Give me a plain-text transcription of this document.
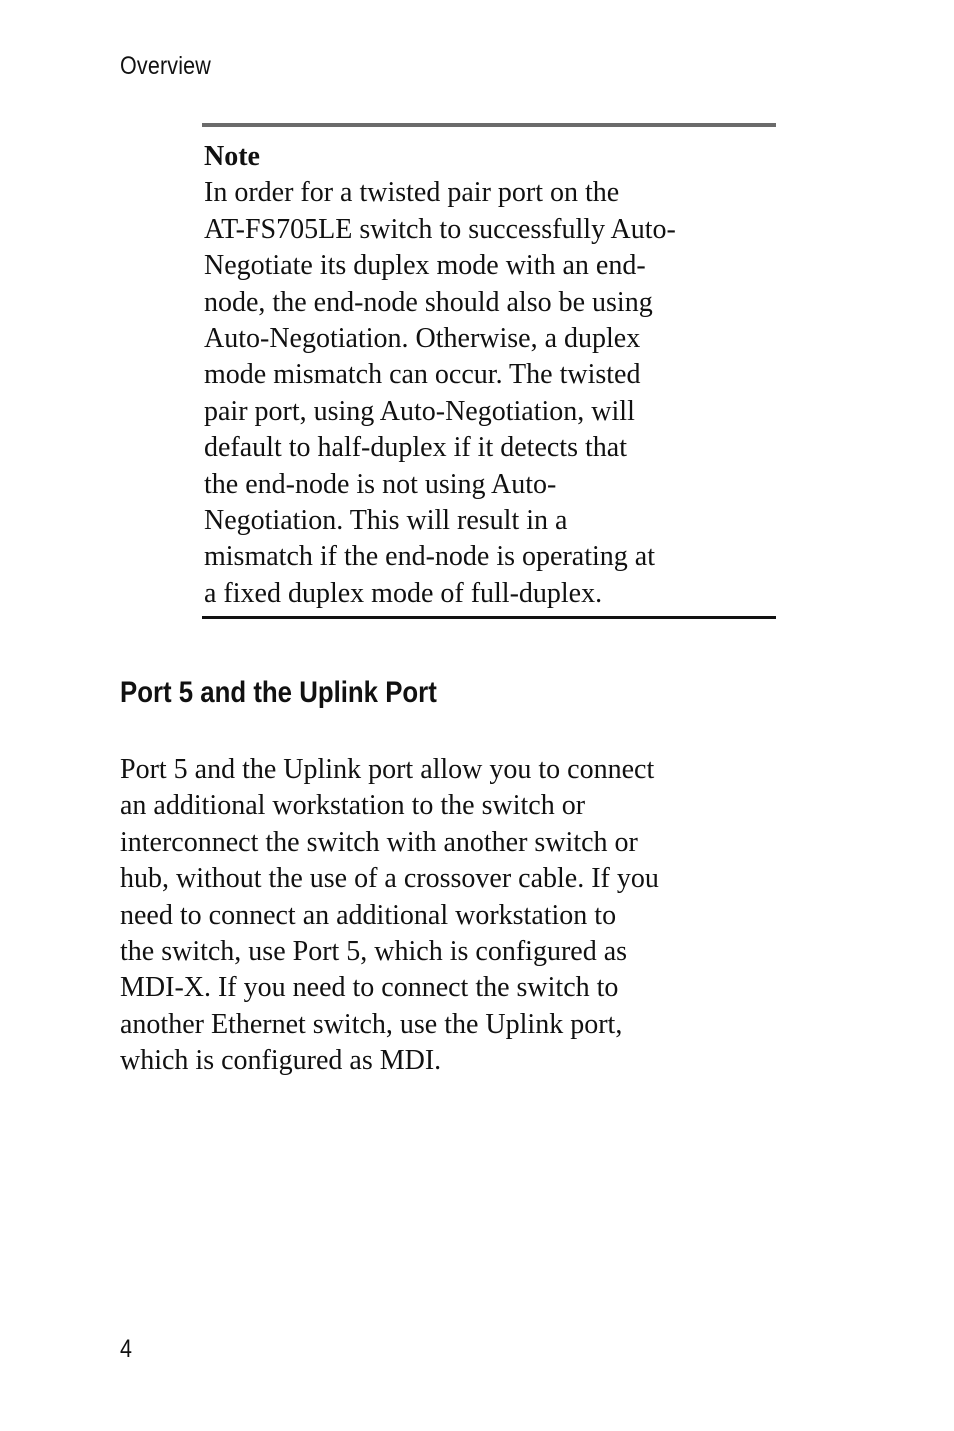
Overview
Note
In order for a twisted pair port on the
AT-FS705LE switch to successfully Auto-
Negotiate its duplex mode with an end-
node, the end-node should also be using
Auto-Negotiation. Otherwise, a duplex
mode mismatch can occur. The twisted
pair port, using Auto-Negotiation, will
default to half-duplex if it detects that
the end-node is not using Auto-
Negotiation. This will result in a
mismatch if the end-node is operating at
a fixed duplex mode of full-duplex.
Port 5 and the Uplink Port

Port 5 and the Uplink port allow you to connect
an additional workstation to the switch or
interconnect the switch with another switch or
hub, without the use of a crossover cable. If you
need to connect an additional workstation to
the switch, use Port 5, which is configured as
MDI-X. If you need to connect the switch to
another Ethernet switch, use the Uplink port,
which is configured as MDI.

4
